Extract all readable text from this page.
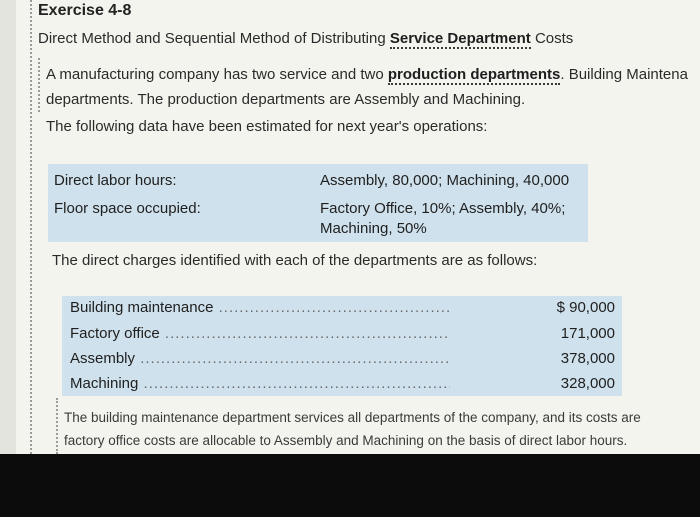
Exercise 4-8
Direct Method and Sequential Method of Distributing Service Department Costs
A manufacturing company has two service and two production departments. Building Maintena
departments. The production departments are Assembly and Machining.
The following data have been estimated for next year's operations:
Direct labor hours:	Assembly, 80,000; Machining, 40,000
Floor space occupied:	Factory Office, 10%; Assembly, 40%;
Machining, 50%
The direct charges identified with each of the departments are as follows:
Building maintenance .....	$ 90,000
Factory office .....	171,000
Assembly .....	378,000
Machining .....	328,000
The building maintenance department services all departments of the company, and its costs are
factory office costs are allocable to Assembly and Machining on the basis of direct labor hours.
